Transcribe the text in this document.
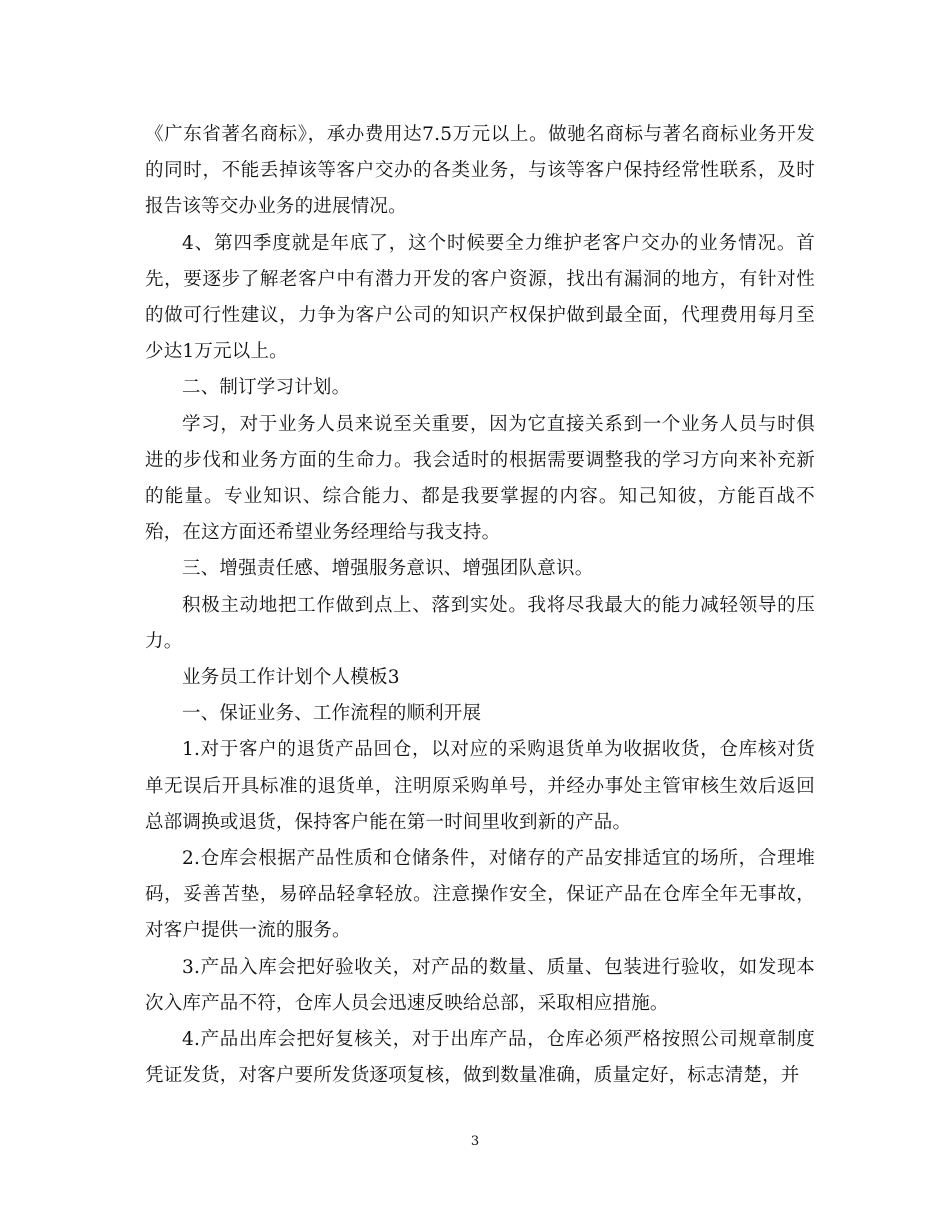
《广东省著名商标》，承办费用达7.5万元以上。做驰名商标与著名商标业务开发的同时，不能丢掉该等客户交办的各类业务，与该等客户保持经常性联系，及时报告该等交办业务的进展情况。

4、第四季度就是年底了，这个时候要全力维护老客户交办的业务情况。首先，要逐步了解老客户中有潜力开发的客户资源，找出有漏洞的地方，有针对性的做可行性建议，力争为客户公司的知识产权保护做到最全面，代理费用每月至少达1万元以上。

二、制订学习计划。

学习，对于业务人员来说至关重要，因为它直接关系到一个业务人员与时俱进的步伐和业务方面的生命力。我会适时的根据需要调整我的学习方向来补充新的能量。专业知识、综合能力、都是我要掌握的内容。知己知彼，方能百战不殆，在这方面还希望业务经理给与我支持。

三、增强责任感、增强服务意识、增强团队意识。

积极主动地把工作做到点上、落到实处。我将尽我最大的能力减轻领导的压力。

业务员工作计划个人模板3

一、保证业务、工作流程的顺利开展

1.对于客户的退货产品回仓，以对应的采购退货单为收据收货，仓库核对货单无误后开具标准的退货单，注明原采购单号，并经办事处主管审核生效后返回总部调换或退货，保持客户能在第一时间里收到新的产品。

2.仓库会根据产品性质和仓储条件，对储存的产品安排适宜的场所，合理堆码，妥善苫垫，易碎品轻拿轻放。注意操作安全，保证产品在仓库全年无事故，对客户提供一流的服务。

3.产品入库会把好验收关，对产品的数量、质量、包装进行验收，如发现本次入库产品不符，仓库人员会迅速反映给总部，采取相应措施。

4.产品出库会把好复核关，对于出库产品，仓库必须严格按照公司规章制度凭证发货，对客户要所发货逐项复核，做到数量准确，质量定好，标志清楚，并

3
